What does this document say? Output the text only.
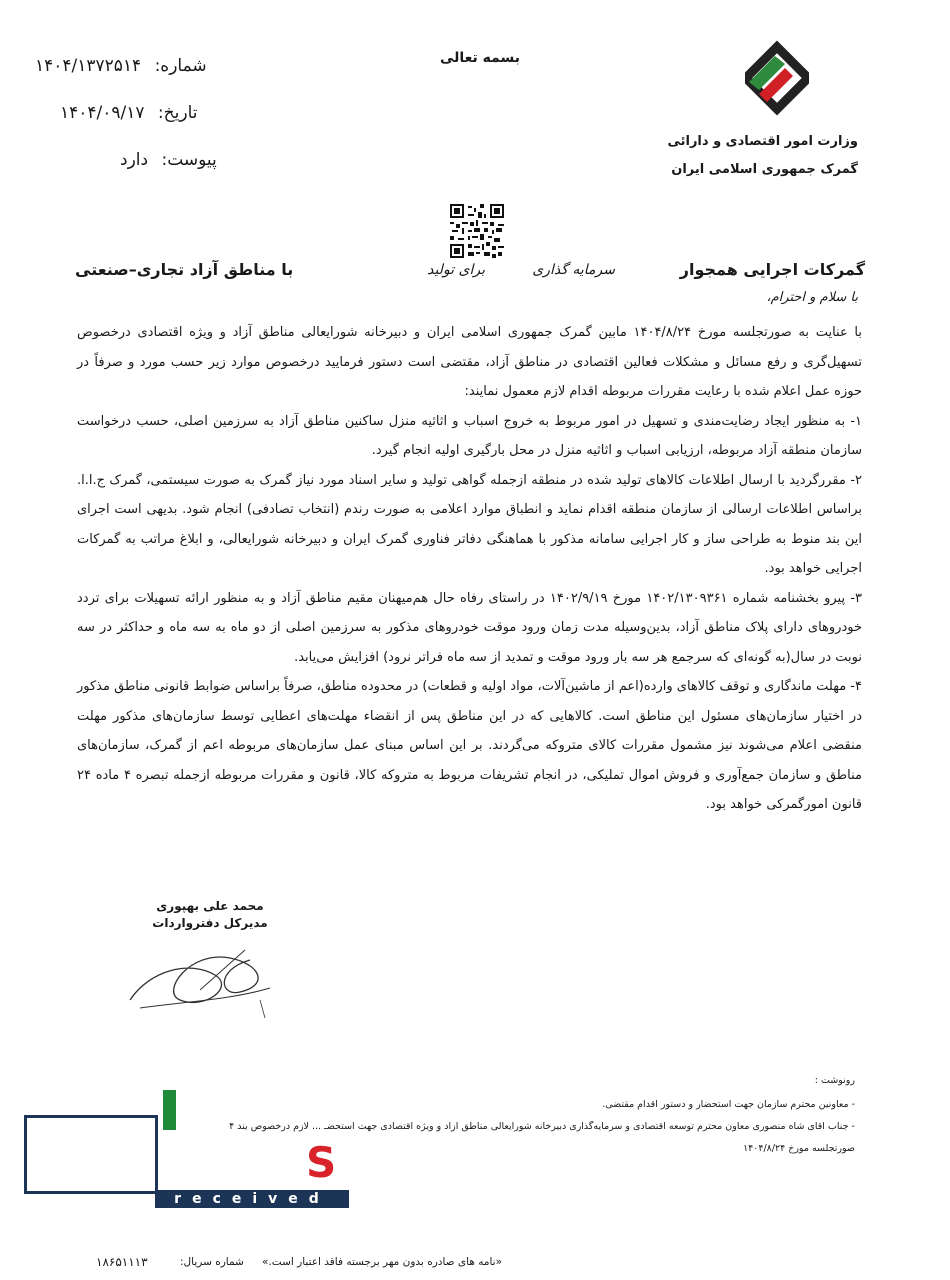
شماره: ۱۴۰۴/۱۳۷۲۵۱۴
تاریخ: ۱۴۰۴/۰۹/۱۷
پیوست: دارد
بسمه تعالی
وزارت امور اقتصادی و دارائی
گمرک جمهوری اسلامی ایران
گمرکات اجرایی همجوار
سرمایه گذاری
برای تولید
با مناطق آزاد تجاری–صنعتی
با سلام و احترام،

با عنایت به صورتجلسه مورخ ۱۴۰۴/۸/۲۴ مابین گمرک جمهوری اسلامی ایران و دبیرخانه شورایعالی مناطق آزاد و ویژه اقتصادی درخصوص تسهیل‌گری و رفع مسائل و مشکلات فعالین اقتصادی در مناطق آزاد، مقتضی است دستور فرمایید درخصوص موارد زیر حسب مورد و صرفاً در حوزه عمل اعلام شده با رعایت مقررات مربوطه اقدام لازم معمول نمایند:

۱- به منظور ایجاد رضایت‌مندی و تسهیل در امور مربوط به خروج اسباب و اثاثیه منزل ساکنین مناطق آزاد به سرزمین اصلی، حسب درخواست سازمان منطقه آزاد مربوطه، ارزیابی اسباب و اثاثیه منزل در محل بارگیری اولیه انجام گیرد.

۲- مقررگردید با ارسال اطلاعات کالاهای تولید شده در منطقه ازجمله گواهی تولید و سایر اسناد مورد نیاز گمرک به صورت سیستمی، گمرک ج.ا.ا. براساس اطلاعات ارسالی از سازمان منطقه اقدام نماید و انطباق موارد اعلامی به صورت رندم (انتخاب تصادفی) انجام شود. بدیهی است اجرای این بند منوط به طراحی ساز و کار اجرایی سامانه مذکور با هماهنگی دفاتر فناوری گمرک ایران و دبیرخانه شورایعالی، و ابلاغ مراتب به گمرکات اجرایی خواهد بود.

۳- پیرو بخشنامه شماره ۱۴۰۲/۱۳۰۹۳۶۱ مورخ ۱۴۰۲/۹/۱۹ در راستای رفاه حال هم‌میهنان مقیم مناطق آزاد و به منظور ارائه تسهیلات برای تردد خودروهای دارای پلاک مناطق آزاد، بدین‌وسیله مدت زمان ورود موقت خودروهای مذکور به سرزمین اصلی از دو ماه به سه ماه و حداکثر در سه نوبت در سال(به گونه‌ای که سرجمع هر سه بار ورود موقت و تمدید از سه ماه فراتر نرود) افزایش می‌یابد.

۴- مهلت ماندگاری و توقف کالاهای وارده(اعم از ماشین‌آلات، مواد اولیه و قطعات) در محدوده مناطق، صرفاً براساس ضوابط قانونی مناطق مذکور در اختیار سازمان‌های مسئول این مناطق است. کالاهایی که در این مناطق پس از انقضاء مهلت‌های اعطایی توسط سازمان‌های مذکور مهلت منقضی اعلام می‌شوند نیز مشمول مقررات کالای متروکه می‌گردند. بر این اساس مبنای عمل سازمان‌های مربوطه اعم از گمرک، سازمان‌های مناطق و سازمان جمع‌آوری و فروش اموال تملیکی، در انجام تشریفات مربوط به متروکه کالا، قانون و مقررات مربوطه ازجمله تبصره ۴ ماده ۲۴ قانون امورگمرکی خواهد بود.

محمد علی بهپوری
مدیرکل دفترواردات
رونوشت :
- معاونین محترم سازمان جهت استحضار و دستور اقدام مقتضی.
- جناب آقای شاه منصوری معاون محترم توسعه اقتصادی و سرمایه‌گذاری دبیرخانه شورایعالی مناطق آزاد و ویژه اقتصادی جهت استحضـ ... لازم درخصوص بند ۴
صورتجلسه مورخ ۱۴۰۴/۸/۲۴
S
received
«نامه های صادره بدون مهر برجسته فاقد اعتبار است.»
شماره سریال:
۱۸۶۵۱۱۱۳
